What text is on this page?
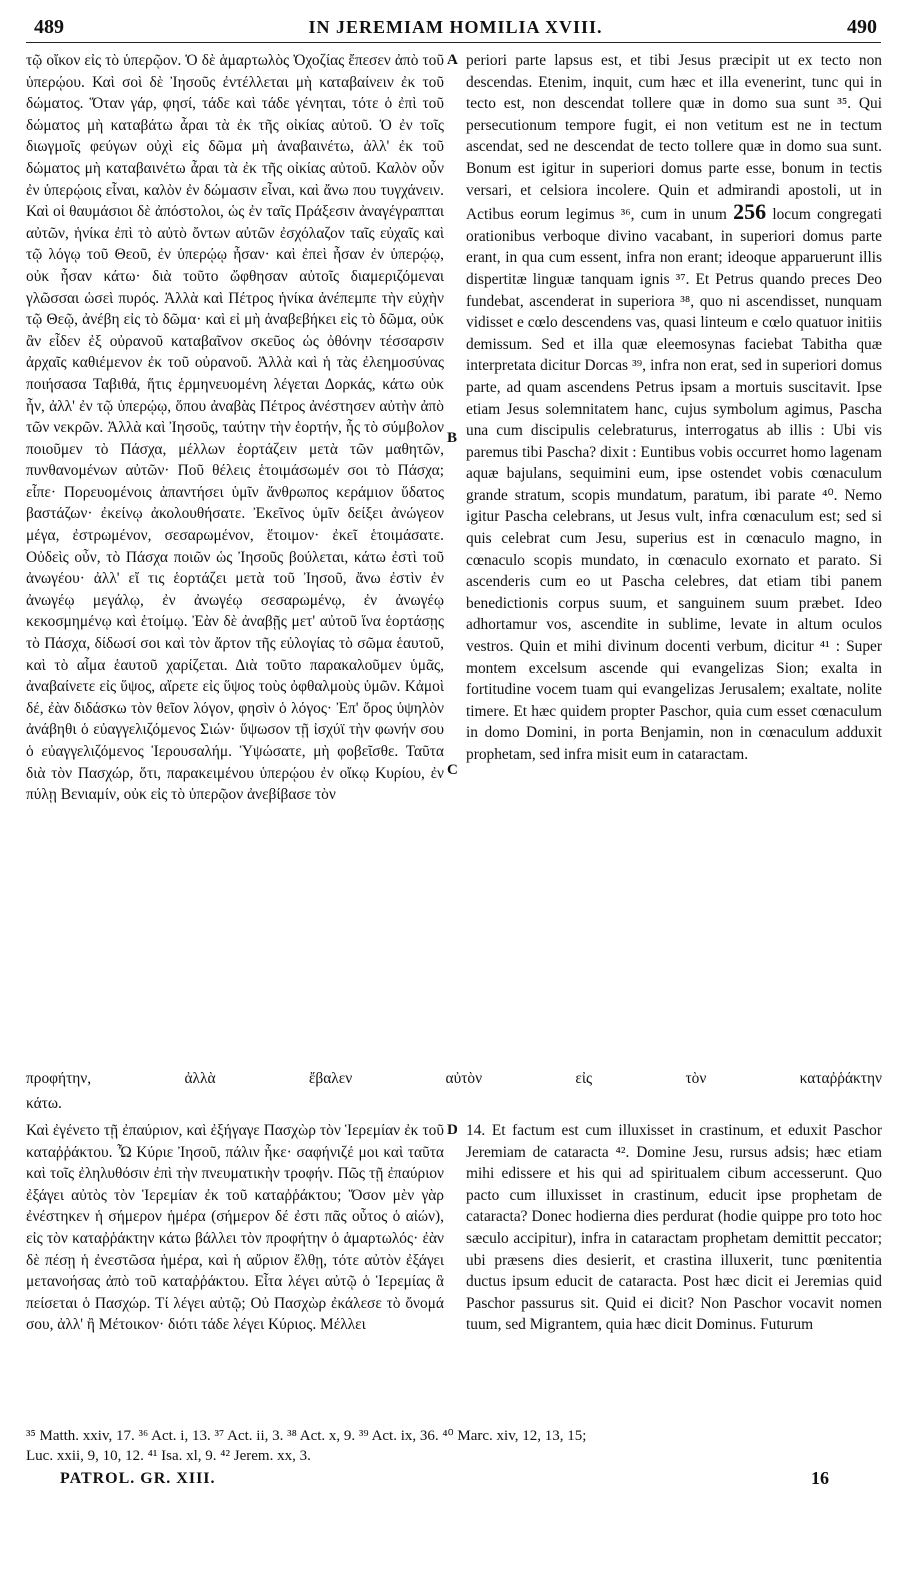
489	IN JEREMIAM HOMILIA XVIII.	490

τῷ οἴκον εἰς τὸ ὑπερῷον. Ὁ δὲ ἁμαρτωλὸς Ὀχοζίας ἔπεσεν ἀπὸ τοῦ ὑπερῴου. Καὶ σοὶ δὲ Ἰησοῦς ἐντέλλεται μὴ καταβαίνειν ἐκ τοῦ δώματος. Ὅταν γάρ, φησί, τάδε καὶ τάδε γένηται, τότε ὁ ἐπὶ τοῦ δώματος μὴ καταβάτω ἆραι τὰ ἐκ τῆς οἰκίας αὐτοῦ. Ὁ ἐν τοῖς διωγμοῖς φεύγων οὐχὶ εἰς δῶμα μὴ ἀναβαινέτω, ἀλλ' ἐκ τοῦ δώματος μὴ καταβαινέτω ἆραι τὰ ἐκ τῆς οἰκίας αὐτοῦ. Καλὸν οὖν ἐν ὑπερῴοις εἶναι, καλὸν ἐν δώμασιν εἶναι, καὶ ἄνω που τυγχάνειν. Καὶ οἱ θαυμάσιοι δὲ ἀπόστολοι, ὡς ἐν ταῖς Πράξεσιν ἀναγέγραπται αὐτῶν, ἡνίκα ἐπὶ τὸ αὐτὸ ὄντων αὐτῶν ἐσχόλαζον ταῖς εὐχαῖς καὶ τῷ λόγῳ τοῦ Θεοῦ, ἐν ὑπερῴῳ ἦσαν· καὶ ἐπεὶ ἦσαν ἐν ὑπερῴῳ, οὐκ ἦσαν κάτω· διὰ τοῦτο ὤφθησαν αὐτοῖς διαμεριζόμεναι γλῶσσαι ὡσεὶ πυρός. Ἀλλὰ καὶ Πέτρος ἡνίκα ἀνέπεμπε τὴν εὐχὴν τῷ Θεῷ, ἀνέβη εἰς τὸ δῶμα· καὶ εἰ μὴ ἀναβεβήκει εἰς τὸ δῶμα, οὐκ ἂν εἶδεν ἐξ οὐρανοῦ καταβαῖνον σκεῦος ὡς ὀθόνην τέσσαρσιν ἀρχαῖς καθιέμενον ἐκ τοῦ οὐρανοῦ. Ἀλλὰ καὶ ἡ τὰς ἐλεημοσύνας ποιήσασα Ταβιθά, ἥτις ἑρμηνευομένη λέγεται Δορκάς, κάτω οὐκ ἦν, ἀλλ' ἐν τῷ ὑπερῴῳ, ὅπου ἀναβὰς Πέτρος ἀνέστησεν αὐτὴν ἀπὸ τῶν νεκρῶν. Ἀλλὰ καὶ Ἰησοῦς, ταύτην τὴν ἑορτήν, ἧς τὸ σύμβολον ποιοῦμεν τὸ Πάσχα, μέλλων ἑορτάζειν μετὰ τῶν μαθητῶν, πυνθανομένων αὐτῶν· Ποῦ θέλεις ἑτοιμάσωμέν σοι τὸ Πάσχα; εἶπε· Πορευομένοις ἀπαντήσει ὑμῖν ἄνθρωπος κεράμιον ὕδατος βαστάζων· ἐκείνῳ ἀκολουθήσατε. Ἐκεῖνος ὑμῖν δείξει ἀνώγεον μέγα, ἐστρωμένον, σεσαρωμένον, ἕτοιμον· ἐκεῖ ἑτοιμάσατε. Οὐδεὶς οὖν, τὸ Πάσχα ποιῶν ὡς Ἰησοῦς βούλεται, κάτω ἐστὶ τοῦ ἀνωγέου· ἀλλ' εἴ τις ἑορτάζει μετὰ τοῦ Ἰησοῦ, ἄνω ἐστὶν ἐν ἀνωγέῳ μεγάλῳ, ἐν ἀνωγέῳ σεσαρωμένῳ, ἐν ἀνωγέῳ κεκοσμημένῳ καὶ ἑτοίμῳ. Ἐὰν δὲ ἀναβῇς μετ' αὐτοῦ ἵνα ἑορτάσῃς τὸ Πάσχα, δίδωσί σοι καὶ τὸν ἄρτον τῆς εὐλογίας τὸ σῶμα ἑαυτοῦ, καὶ τὸ αἷμα ἑαυτοῦ χαρίζεται. Διὰ τοῦτο παρακαλοῦμεν ὑμᾶς, ἀναβαίνετε εἰς ὕψος, αἴρετε εἰς ὕψος τοὺς ὀφθαλμοὺς ὑμῶν. Κἀμοὶ δέ, ἐὰν διδάσκω τὸν θεῖον λόγον, φησὶν ὁ λόγος· Ἐπ' ὄρος ὑψηλὸν ἀνάβηθι ὁ εὐαγγελιζόμενος Σιών· ὕψωσον τῇ ἰσχύϊ τὴν φωνήν σου ὁ εὐαγγελιζόμενος Ἱερουσαλήμ. Ὑψώσατε, μὴ φοβεῖσθε. Ταῦτα διὰ τὸν Πασχώρ, ὅτι, παρακειμένου ὑπερῴου ἐν οἴκῳ Κυρίου, ἐν πύλῃ Βενιαμίν, οὐκ εἰς τὸ ὑπερῷον ἀνεβίβασε τὸν

periori parte lapsus est, et tibi Jesus præcipit ut ex tecto non descendas. Etenim, inquit, cum hæc et illa evenerint, tunc qui in tecto est, non descendat tollere quæ in domo sua sunt ³⁵. Qui persecutionum tempore fugit, ei non vetitum est ne in tectum ascendat, sed ne descendat de tecto tollere quæ in domo sua sunt. Bonum est igitur in superiori domus parte esse, bonum in tectis versari, et celsiora incolere. Quin et admirandi apostoli, ut in Actibus eorum legimus ³⁶, cum in unum 256 locum congregati orationibus verboque divino vacabant, in superiori domus parte erant, in qua cum essent, infra non erant; ideoque apparuerunt illis dispertitæ linguæ tanquam ignis ³⁷. Et Petrus quando preces Deo fundebat, ascenderat in superiora ³⁸, quo ni ascendisset, nunquam vidisset e cœlo descendens vas, quasi linteum e cœlo quatuor initiis demissum. Sed et illa quæ eleemosynas faciebat Tabitha quæ interpretata dicitur Dorcas ³⁹, infra non erat, sed in superiori domus parte, ad quam ascendens Petrus ipsam a mortuis suscitavit. Ipse etiam Jesus solemnitatem hanc, cujus symbolum agimus, Pascha una cum discipulis celebraturus, interrogatus ab illis : Ubi vis paremus tibi Pascha? dixit : Euntibus vobis occurret homo lagenam aquæ bajulans, sequimini eum, ipse ostendet vobis cœnaculum grande stratum, scopis mundatum, paratum, ibi parate ⁴⁰. Nemo igitur Pascha celebrans, ut Jesus vult, infra cœnaculum est; sed si quis celebrat cum Jesu, superius est in cœnaculo magno, in cœnaculo scopis mundato, in cœnaculo exornato et parato. Si ascenderis cum eo ut Pascha celebres, dat etiam tibi panem benedictionis corpus suum, et sanguinem suum præbet. Ideo adhortamur vos, ascendite in sublime, levate in altum oculos vestros. Quin et mihi divinum docenti verbum, dicitur ⁴¹ : Super montem excelsum ascende qui evangelizas Sion; exalta in fortitudine vocem tuam qui evangelizas Jerusalem; exaltate, nolite timere. Et hæc quidem propter Paschor, quia cum esset cœnaculum in domo Domini, in porta Benjamin, non in cœnaculum adduxit prophetam, sed infra misit eum in cataractam.

A
B
C
D
προφήτην, ἀλλὰ ἔβαλεν αὐτὸν εἰς τὸν καταῤῥάκτην
κάτω.

Καὶ ἐγένετο τῇ ἐπαύριον, καὶ ἐξήγαγε Πασχὼρ τὸν Ἱερεμίαν ἐκ τοῦ καταῤῥάκτου. Ὦ Κύριε Ἰησοῦ, πάλιν ἧκε· σαφήνιζέ μοι καὶ ταῦτα καὶ τοῖς ἐληλυθόσιν ἐπὶ τὴν πνευματικὴν τροφήν. Πῶς τῇ ἐπαύριον ἐξάγει αὐτὸς τὸν Ἱερεμίαν ἐκ τοῦ καταῤῥάκτου; Ὅσον μὲν γὰρ ἐνέστηκεν ἡ σήμερον ἡμέρα (σήμερον δέ ἐστι πᾶς οὗτος ὁ αἰών), εἰς τὸν καταῤῥάκτην κάτω βάλλει τὸν προφήτην ὁ ἁμαρτωλός· ἐὰν δὲ πέσῃ ἡ ἐνεστῶσα ἡμέρα, καὶ ἡ αὔριον ἔλθῃ, τότε αὐτὸν ἐξάγει μετανοήσας ἀπὸ τοῦ καταῤῥάκτου. Εἶτα λέγει αὐτῷ ὁ Ἱερεμίας ἃ πείσεται ὁ Πασχώρ. Τί λέγει αὐτῷ; Οὐ Πασχὼρ ἐκάλεσε τὸ ὄνομά σου, ἀλλ' ἢ Μέτοικον· διότι τάδε λέγει Κύριος. Μέλλει

14. Et factum est cum illuxisset in crastinum, et eduxit Paschor Jeremiam de cataracta ⁴². Domine Jesu, rursus adsis; hæc etiam mihi edissere et his qui ad spiritualem cibum accesserunt. Quo pacto cum illuxisset in crastinum, educit ipse prophetam de cataracta? Donec hodierna dies perdurat (hodie quippe pro toto hoc sæculo accipitur), infra in cataractam prophetam demittit peccator; ubi præsens dies desierit, et crastina illuxerit, tunc pœnitentia ductus ipsum educit de cataracta. Post hæc dicit ei Jeremias quid Paschor passurus sit. Quid ei dicit? Non Paschor vocavit nomen tuum, sed Migrantem, quia hæc dicit Dominus. Futurum

³⁵ Matth. xxiv, 17. ³⁶ Act. i, 13. ³⁷ Act. ii, 3. ³⁸ Act. x, 9. ³⁹ Act. ix, 36. ⁴⁰ Marc. xiv, 12, 13, 15;

Luc. xxii, 9, 10, 12. ⁴¹ Isa. xl, 9. ⁴² Jerem. xx, 3.

PATROL. GR. XIII.	16
